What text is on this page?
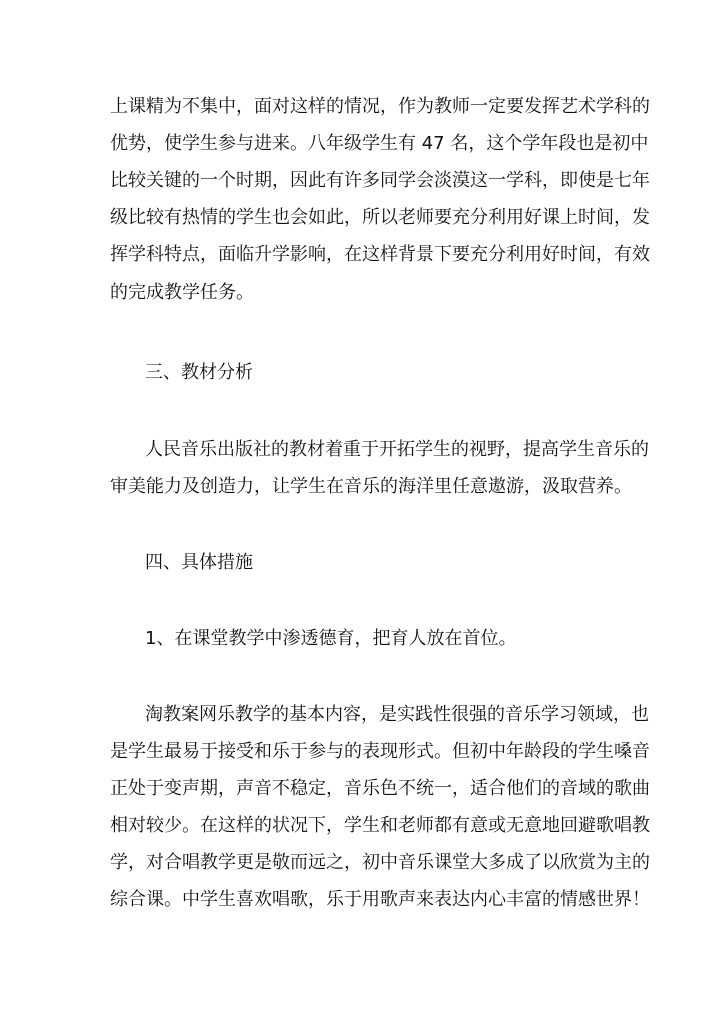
上课精为不集中，面对这样的情况，作为教师一定要发挥艺术学科的
优势，使学生参与进来。八年级学生有 47 名，这个学年段也是初中
比较关键的一个时期，因此有许多同学会淡漠这一学科，即使是七年
级比较有热情的学生也会如此，所以老师要充分利用好课上时间，发
挥学科特点，面临升学影响，在这样背景下要充分利用好时间，有效
的完成教学任务。
三、教材分析
人民音乐出版社的教材着重于开拓学生的视野，提高学生音乐的
审美能力及创造力，让学生在音乐的海洋里任意遨游，汲取营养。
四、具体措施
1、在课堂教学中渗透德育，把育人放在首位。
淘教案网乐教学的基本内容，是实践性很强的音乐学习领域，也
是学生最易于接受和乐于参与的表现形式。但初中年龄段的学生嗓音
正处于变声期，声音不稳定，音乐色不统一，适合他们的音域的歌曲
相对较少。在这样的状况下，学生和老师都有意或无意地回避歌唱教
学，对合唱教学更是敬而远之，初中音乐课堂大多成了以欣赏为主的
综合课。中学生喜欢唱歌，乐于用歌声来表达内心丰富的情感世界！
